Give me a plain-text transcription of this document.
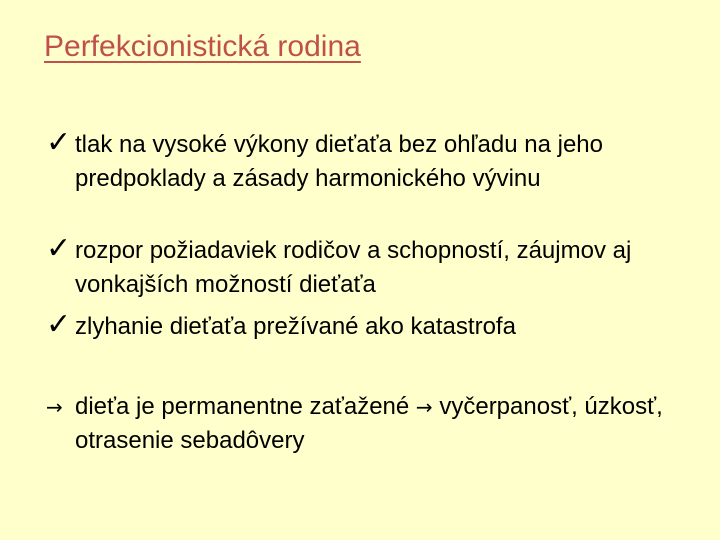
Perfekcionistická rodina
✓ tlak na vysoké výkony dieťaťa bez ohľadu na jeho predpoklady a zásady harmonického vývinu
✓ rozpor požiadaviek rodičov a schopností, záujmov aj vonkajších možností dieťaťa
✓ zlyhanie dieťaťa prežívané ako katastrofa
→ dieťa je permanentne zaťažené → vyčerpanosť, úzkosť, otrasenie sebadôvery
